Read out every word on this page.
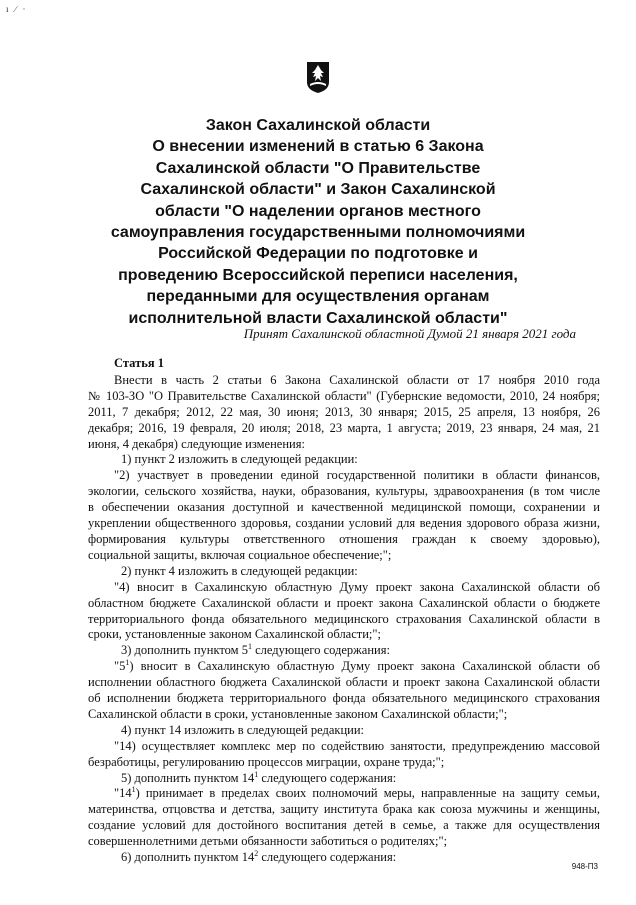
ı ∕ ·
Закон Сахалинской области
О внесении изменений в статью 6 Закона
Сахалинской области "О Правительстве
Сахалинской области" и Закон Сахалинской
области "О наделении органов местного
самоуправления государственными полномочиями
Российской Федерации по подготовке и
проведению Всероссийской переписи населения,
переданными для осуществления органам
исполнительной власти Сахалинской области"
Принят Сахалинской областной Думой 21 января 2021 года
Статья 1
Внести в часть 2 статьи 6 Закона Сахалинской области от 17 ноября 2010 года
№ 103-ЗО "О Правительстве Сахалинской области" (Губернские ведомости, 2010, 24 ноября;
2011, 7 декабря; 2012, 22 мая, 30 июня; 2013, 30 января; 2015, 25 апреля, 13 ноября, 26
декабря; 2016, 19 февраля, 20 июля; 2018, 23 марта, 1 августа; 2019, 23 января, 24 мая, 21
июня, 4 декабря) следующие изменения:
1) пункт 2 изложить в следующей редакции:
"2) участвует в проведении единой государственной политики в области финансов,
экологии, сельского хозяйства, науки, образования, культуры, здравоохранения (в том числе
в обеспечении оказания доступной и качественной медицинской помощи, сохранении и
укреплении общественного здоровья, создании условий для ведения здорового образа жизни,
формирования культуры ответственного отношения граждан к своему здоровью),
социальной защиты, включая социальное обеспечение;";
2) пункт 4 изложить в следующей редакции:
"4) вносит в Сахалинскую областную Думу проект закона Сахалинской области об
областном бюджете Сахалинской области и проект закона Сахалинской области о бюджете
территориального фонда обязательного медицинского страхования Сахалинской области в
сроки, установленные законом Сахалинской области;";
3) дополнить пунктом $5^1$ следующего содержания:
"$5^1$) вносит в Сахалинскую областную Думу проект закона Сахалинской области об
исполнении областного бюджета Сахалинской области и проект закона Сахалинской области
об исполнении бюджета территориального фонда обязательного медицинского страхования
Сахалинской области в сроки, установленные законом Сахалинской области;";
4) пункт 14 изложить в следующей редакции:
"14) осуществляет комплекс мер по содействию занятости, предупреждению массовой
безработицы, регулированию процессов миграции, охране труда;";
5) дополнить пунктом $14^1$ следующего содержания:
"$14^1$) принимает в пределах своих полномочий меры, направленные на защиту семьи,
материнства, отцовства и детства, защиту института брака как союза мужчины и женщины,
создание условий для достойного воспитания детей в семье, а также для осуществления
совершеннолетними детьми обязанности заботиться о родителях;";
6) дополнить пунктом $14^2$ следующего содержания:
948-П3
